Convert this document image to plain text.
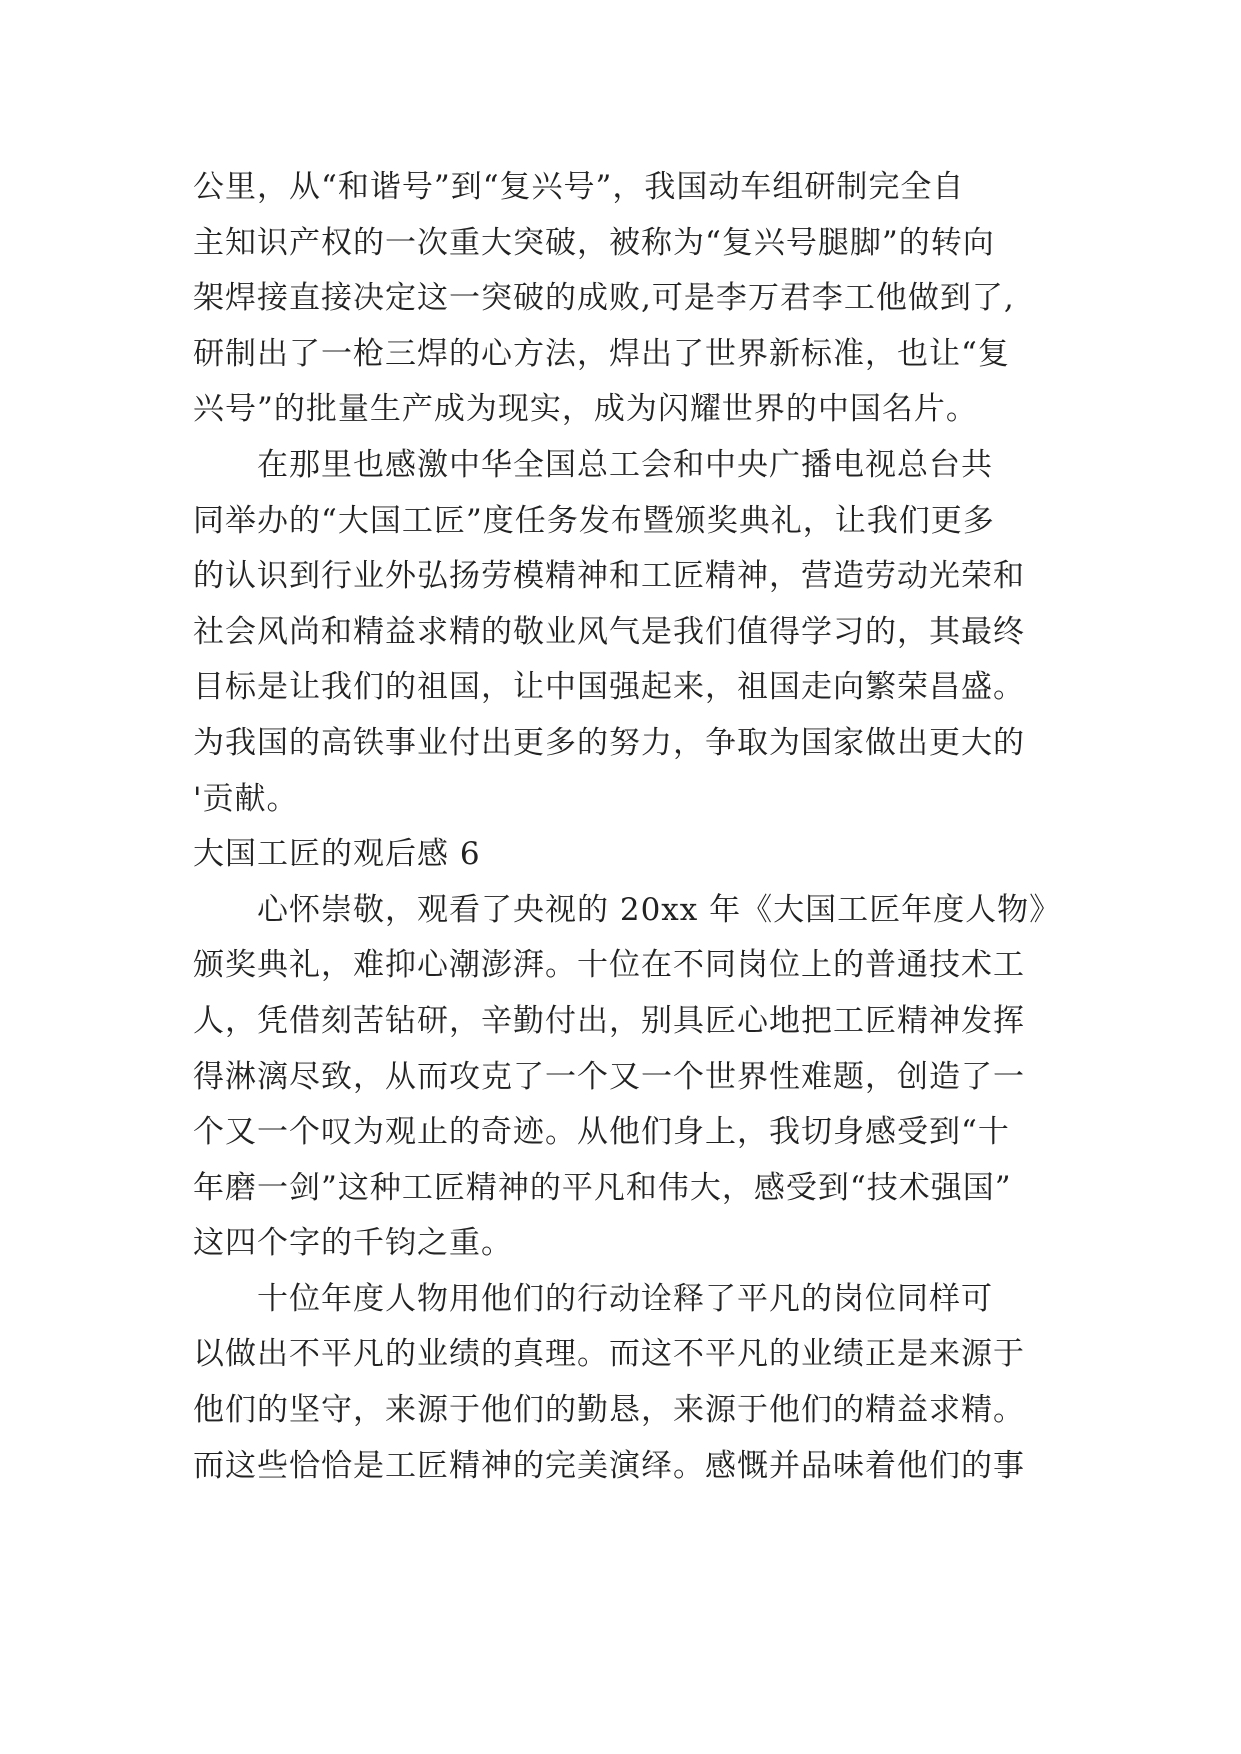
公里，从“和谐号”到“复兴号”，我国动车组研制完全自
主知识产权的一次重大突破，被称为“复兴号腿脚”的转向
架焊接直接决定这一突破的成败,可是李万君李工他做到了,
研制出了一枪三焊的心方法，焊出了世界新标准，也让“复
兴号”的批量生产成为现实，成为闪耀世界的中国名片。
在那里也感激中华全国总工会和中央广播电视总台共
同举办的“大国工匠”度任务发布暨颁奖典礼，让我们更多
的认识到行业外弘扬劳模精神和工匠精神，营造劳动光荣和
社会风尚和精益求精的敬业风气是我们值得学习的，其最终
目标是让我们的祖国，让中国强起来，祖国走向繁荣昌盛。
为我国的高铁事业付出更多的努力，争取为国家做出更大的
'贡献。
大国工匠的观后感 6
心怀崇敬，观看了央视的 20xx 年《大国工匠年度人物》
颁奖典礼，难抑心潮澎湃。十位在不同岗位上的普通技术工
人，凭借刻苦钻研，辛勤付出，别具匠心地把工匠精神发挥
得淋漓尽致，从而攻克了一个又一个世界性难题，创造了一
个又一个叹为观止的奇迹。从他们身上，我切身感受到“十
年磨一剑”这种工匠精神的平凡和伟大，感受到“技术强国”
这四个字的千钧之重。
十位年度人物用他们的行动诠释了平凡的岗位同样可
以做出不平凡的业绩的真理。而这不平凡的业绩正是来源于
他们的坚守，来源于他们的勤恳，来源于他们的精益求精。
而这些恰恰是工匠精神的完美演绎。感慨并品味着他们的事
